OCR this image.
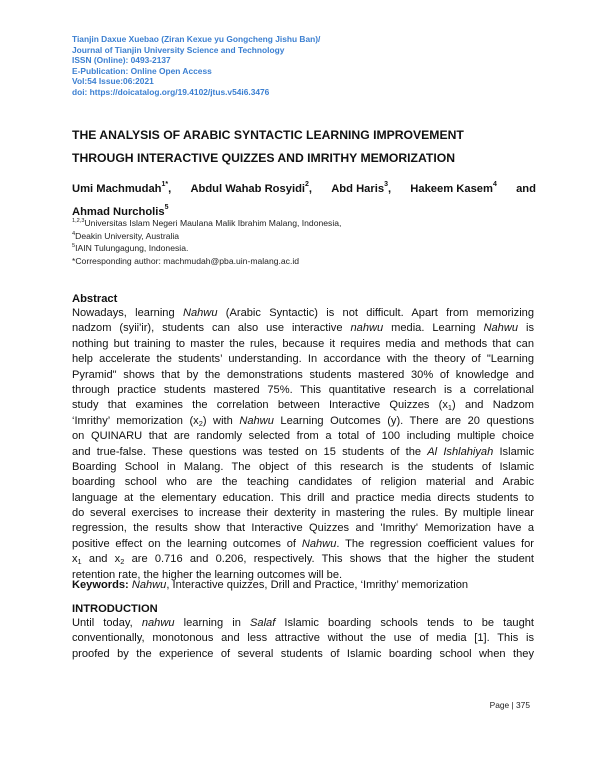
Tianjin Daxue Xuebao (Ziran Kexue yu Gongcheng Jishu Ban)/
Journal of Tianjin University Science and Technology
ISSN (Online): 0493-2137
E-Publication: Online Open Access
Vol:54 Issue:06:2021
doi: https://doicatalog.org/19.4102/jtus.v54i6.3476
THE ANALYSIS OF ARABIC SYNTACTIC LEARNING IMPROVEMENT
THROUGH INTERACTIVE QUIZZES AND IMRITHY MEMORIZATION
Umi Machmudah$^{1*}$, Abdul Wahab Rosyidi$^2$, Abd Haris$^3$, Hakeem Kasem$^4$ and
Ahmad Nurcholis$^5$
$^{1,2,3}$Universitas Islam Negeri Maulana Malik Ibrahim Malang, Indonesia,
$^4$Deakin University, Australia
$^5$IAIN Tulungagung, Indonesia.
*Corresponding author: machmudah@pba.uin-malang.ac.id
Abstract
Nowadays, learning Nahwu (Arabic Syntactic) is not difficult. Apart from memorizing
nadzom (syii'ir), students can also use interactive nahwu media. Learning Nahwu is
nothing but training to master the rules, because it requires media and methods that can
help accelerate the students’ understanding. In accordance with the theory of "Learning
Pyramid" shows that by the demonstrations students mastered 30% of knowledge and
through practice students mastered 75%. This quantitative research is a correlational
study that examines the correlation between Interactive Quizzes $(x_1)$ and Nadzom
‘Imrithy’ memorization $(x_2)$ with Nahwu Learning Outcomes (y). There are 20 questions
on QUINARU that are randomly selected from a total of 100 including multiple choice
and true-false. These questions was tested on 15 students of the Al Ishlahiyah Islamic
Boarding School in Malang. The object of this research is the students of Islamic
boarding school who are the teaching candidates of religion material and Arabic
language at the elementary education. This drill and practice media directs students to
do several exercises to increase their dexterity in mastering the rules. By multiple linear
regression, the results show that Interactive Quizzes and 'Imrithy' Memorization have a
positive effect on the learning outcomes of Nahwu. The regression coefficient values for
$x_1$ and $x_2$ are 0.716 and 0.206, respectively. This shows that the higher the student
retention rate, the higher the learning outcomes will be.
Keywords: Nahwu, Interactive quizzes, Drill and Practice, ‘Imrithy’ memorization
INTRODUCTION
Until today, nahwu learning in Salaf Islamic boarding schools tends to be taught
conventionally, monotonous and less attractive without the use of media [1]. This is
proofed by the experience of several students of Islamic boarding school when they
Page | 375
